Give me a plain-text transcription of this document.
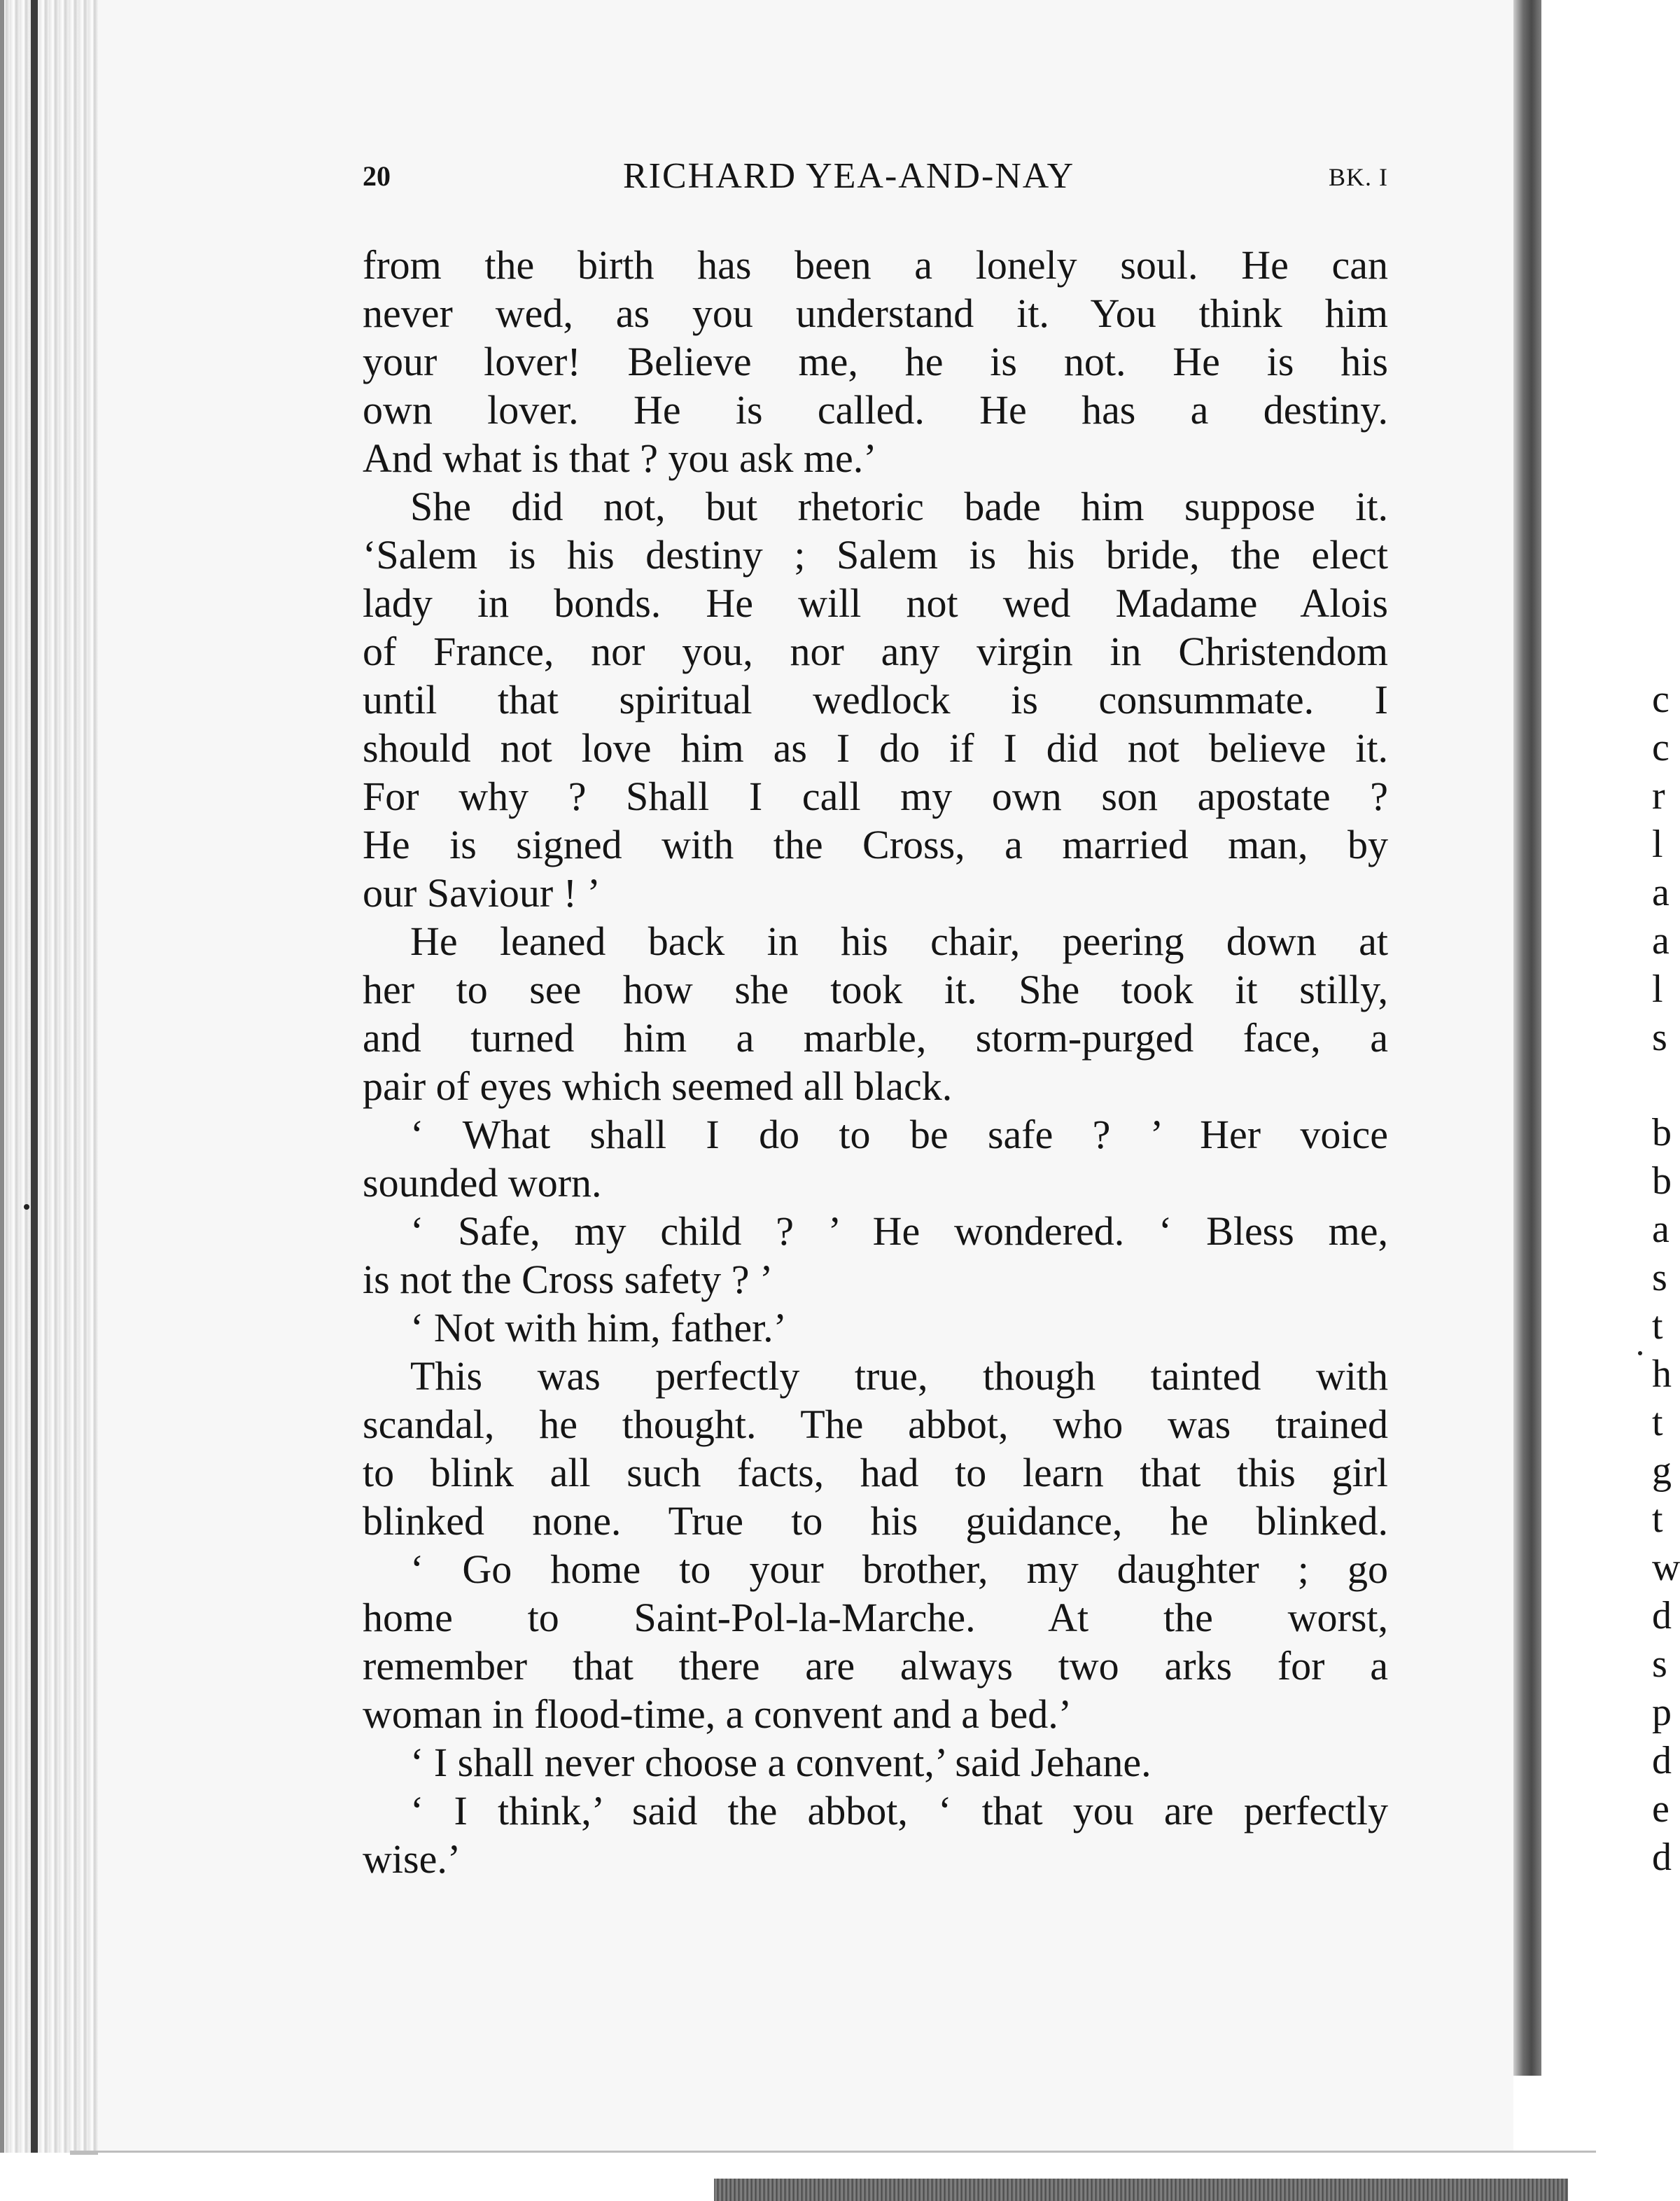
20	RICHARD YEA-AND-NAY	BK. I
from the birth has been a lonely soul. He can
never wed, as you understand it. You think him
your lover! Believe me, he is not. He is his
own lover. He is called. He has a destiny.
And what is that ? you ask me.’
She did not, but rhetoric bade him suppose it.
‘Salem is his destiny ; Salem is his bride, the elect
lady in bonds. He will not wed Madame Alois
of France, nor you, nor any virgin in Christendom
until that spiritual wedlock is consummate. I
should not love him as I do if I did not believe it.
For why ? Shall I call my own son apostate ?
He is signed with the Cross, a married man, by
our Saviour ! ’
He leaned back in his chair, peering down at
her to see how she took it. She took it stilly,
and turned him a marble, storm-purged face, a
pair of eyes which seemed all black.
‘ What shall I do to be safe ? ’ Her voice
sounded worn.
‘ Safe, my child ? ’ He wondered. ‘ Bless me,
is not the Cross safety ? ’
‘ Not with him, father.’
This was perfectly true, though tainted with
scandal, he thought. The abbot, who was trained
to blink all such facts, had to learn that this girl
blinked none. True to his guidance, he blinked.
‘ Go home to your brother, my daughter ; go
home to Saint-Pol-la-Marche. At the worst,
remember that there are always two arks for a
woman in flood-time, a convent and a bed.’
‘ I shall never choose a convent,’ said Jehane.
‘ I think,’ said the abbot, ‘ that you are perfectly
wise.’
c
c
r
l
a
a
l
s
b
b
a
s
t
h
t
g
t
w
d
s
p
d
e
d
